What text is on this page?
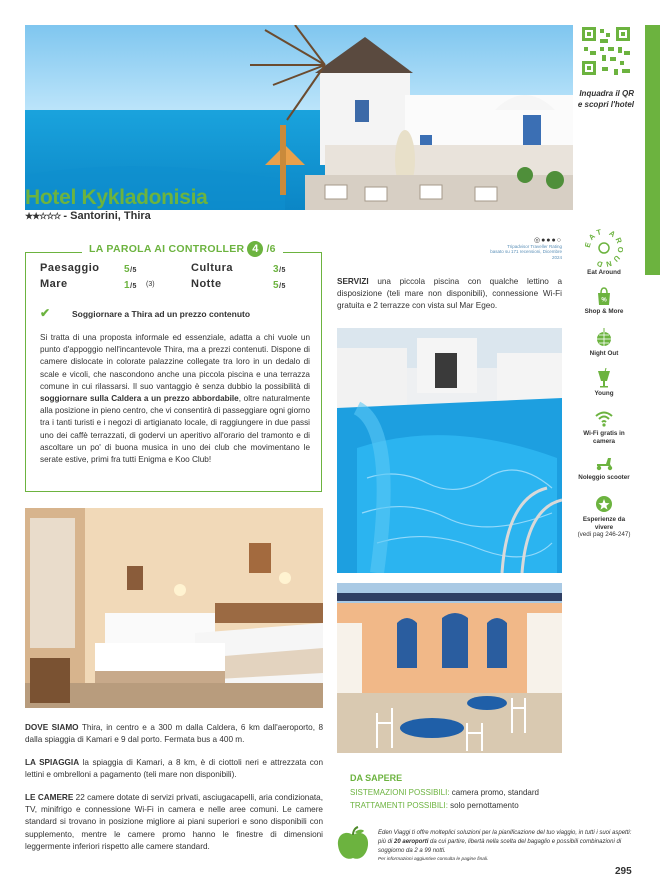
Inquadra il QR
e scopri l'hotel
Hotel Kykladonisia
★★☆☆☆ - Santorini, Thira
LA PAROLA AI CONTROLLER 4 /6
Paesaggio 5/5	Cultura	3/5
Mare	1/5 (3)	Notte	5/5
✔	Soggiornare a Thira ad un prezzo contenuto
Si tratta di una proposta informale ed essenziale, adatta a chi vuole un punto d'appoggio nell'incantevole Thira, ma a prezzi contenuti. Dispone di camere dislocate in colorate palazzine collegate tra loro in un dedalo di scale e vicoli, che nascondono anche una piccola piscina e una terrazza comune in cui rilassarsi. Il suo vantaggio è senza dubbio la possibilità di soggiornare sulla Caldera a un prezzo abbordabile, oltre naturalmente alla posizione in pieno centro, che vi consentirà di passeggiare ogni giorno tra i tanti turisti e i negozi di artigianato locale, di raggiungere in due passi uno dei caffè terrazzati, di godervi un aperitivo all'orario del tramonto e di ascoltare un po' di buona musica in uno dei club che movimentano le serate estive, primi fra tutti Enigma e Koo Club!
◎●●●○
Tripadvisor Traveller Rating
basato su 171 recensioni, Dicembre 2024
SERVIZI una piccola piscina con qualche lettino a disposizione (teli mare non disponibili), connessione Wi-Fi gratuita e 2 terrazze con vista sul Mar Egeo.
DOVE SIAMO Thira, in centro e a 300 m dalla Caldera, 6 km dall'aeroporto, 8 dalla spiaggia di Kamari e 9 dal porto. Fermata bus a 400 m.
LA SPIAGGIA la spiaggia di Kamari, a 8 km, è di ciottoli neri e attrezzata con lettini e ombrelloni a pagamento (teli mare non disponibili).
LE CAMERE 22 camere dotate di servizi privati, asciugacapelli, aria condizionata, TV, minifrigo e connessione Wi-Fi in camera e nelle aree comuni. Le camere standard si trovano in posizione migliore ai piani superiori e sono disponibili con supplemento, mentre le camere promo hanno le finestre di dimensioni leggermente inferiori rispetto alle camere standard.
DA SAPERE
SISTEMAZIONI POSSIBILI: camera promo, standard
TRATTAMENTI POSSIBILI: solo pernottamento
Eden Viaggi ti offre molteplici soluzioni per la pianificazione del tuo viaggio, in tutti i suoi aspetti: più di 20 aeroporti da cui partire, libertà nella scelta del bagaglio e possibili combinazioni di soggiorno da 2 a 99 notti.
Per informazioni aggiuntive consulta le pagine finali.
295
AT A UND
Eat Around
%
Shop & More
Night Out
Young
Wi-Fi gratis in camera
Noleggio scooter
Esperienze da vivere
(vedi pag 246-247)
